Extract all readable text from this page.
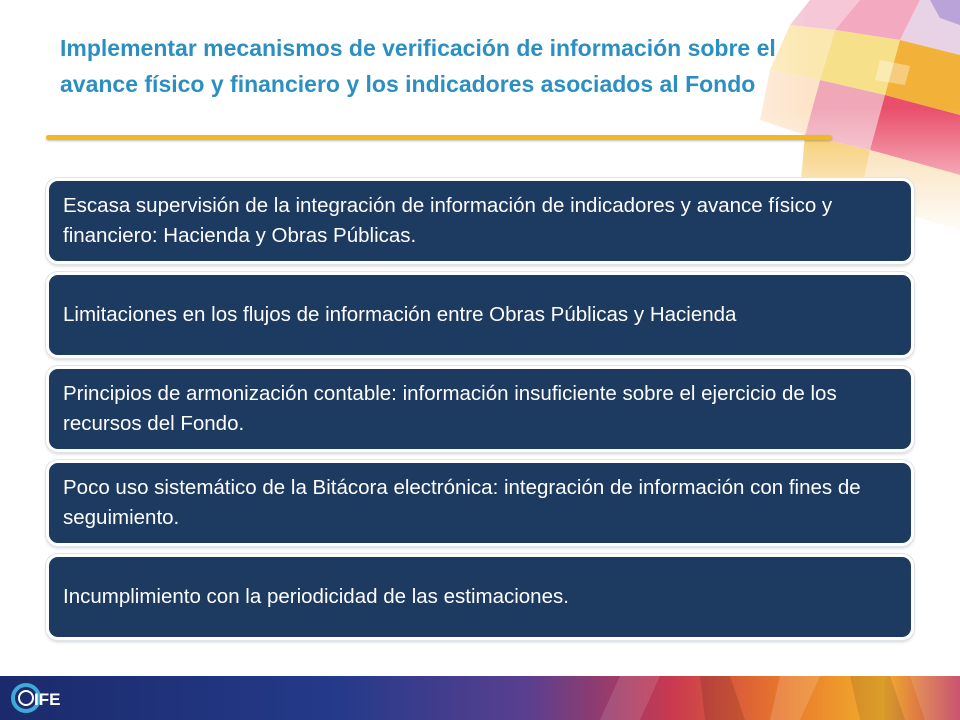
Implementar mecanismos de verificación de información sobre el avance físico y financiero y los indicadores asociados al Fondo
Escasa supervisión de la integración de información de indicadores y avance físico y financiero: Hacienda y Obras Públicas.
Limitaciones en los flujos de información entre Obras Públicas y Hacienda
Principios de armonización contable: información insuficiente sobre el ejercicio de los recursos del Fondo.
Poco uso sistemático de la Bitácora electrónica: integración de información con fines de seguimiento.
Incumplimiento con la periodicidad de las estimaciones.
IFE
